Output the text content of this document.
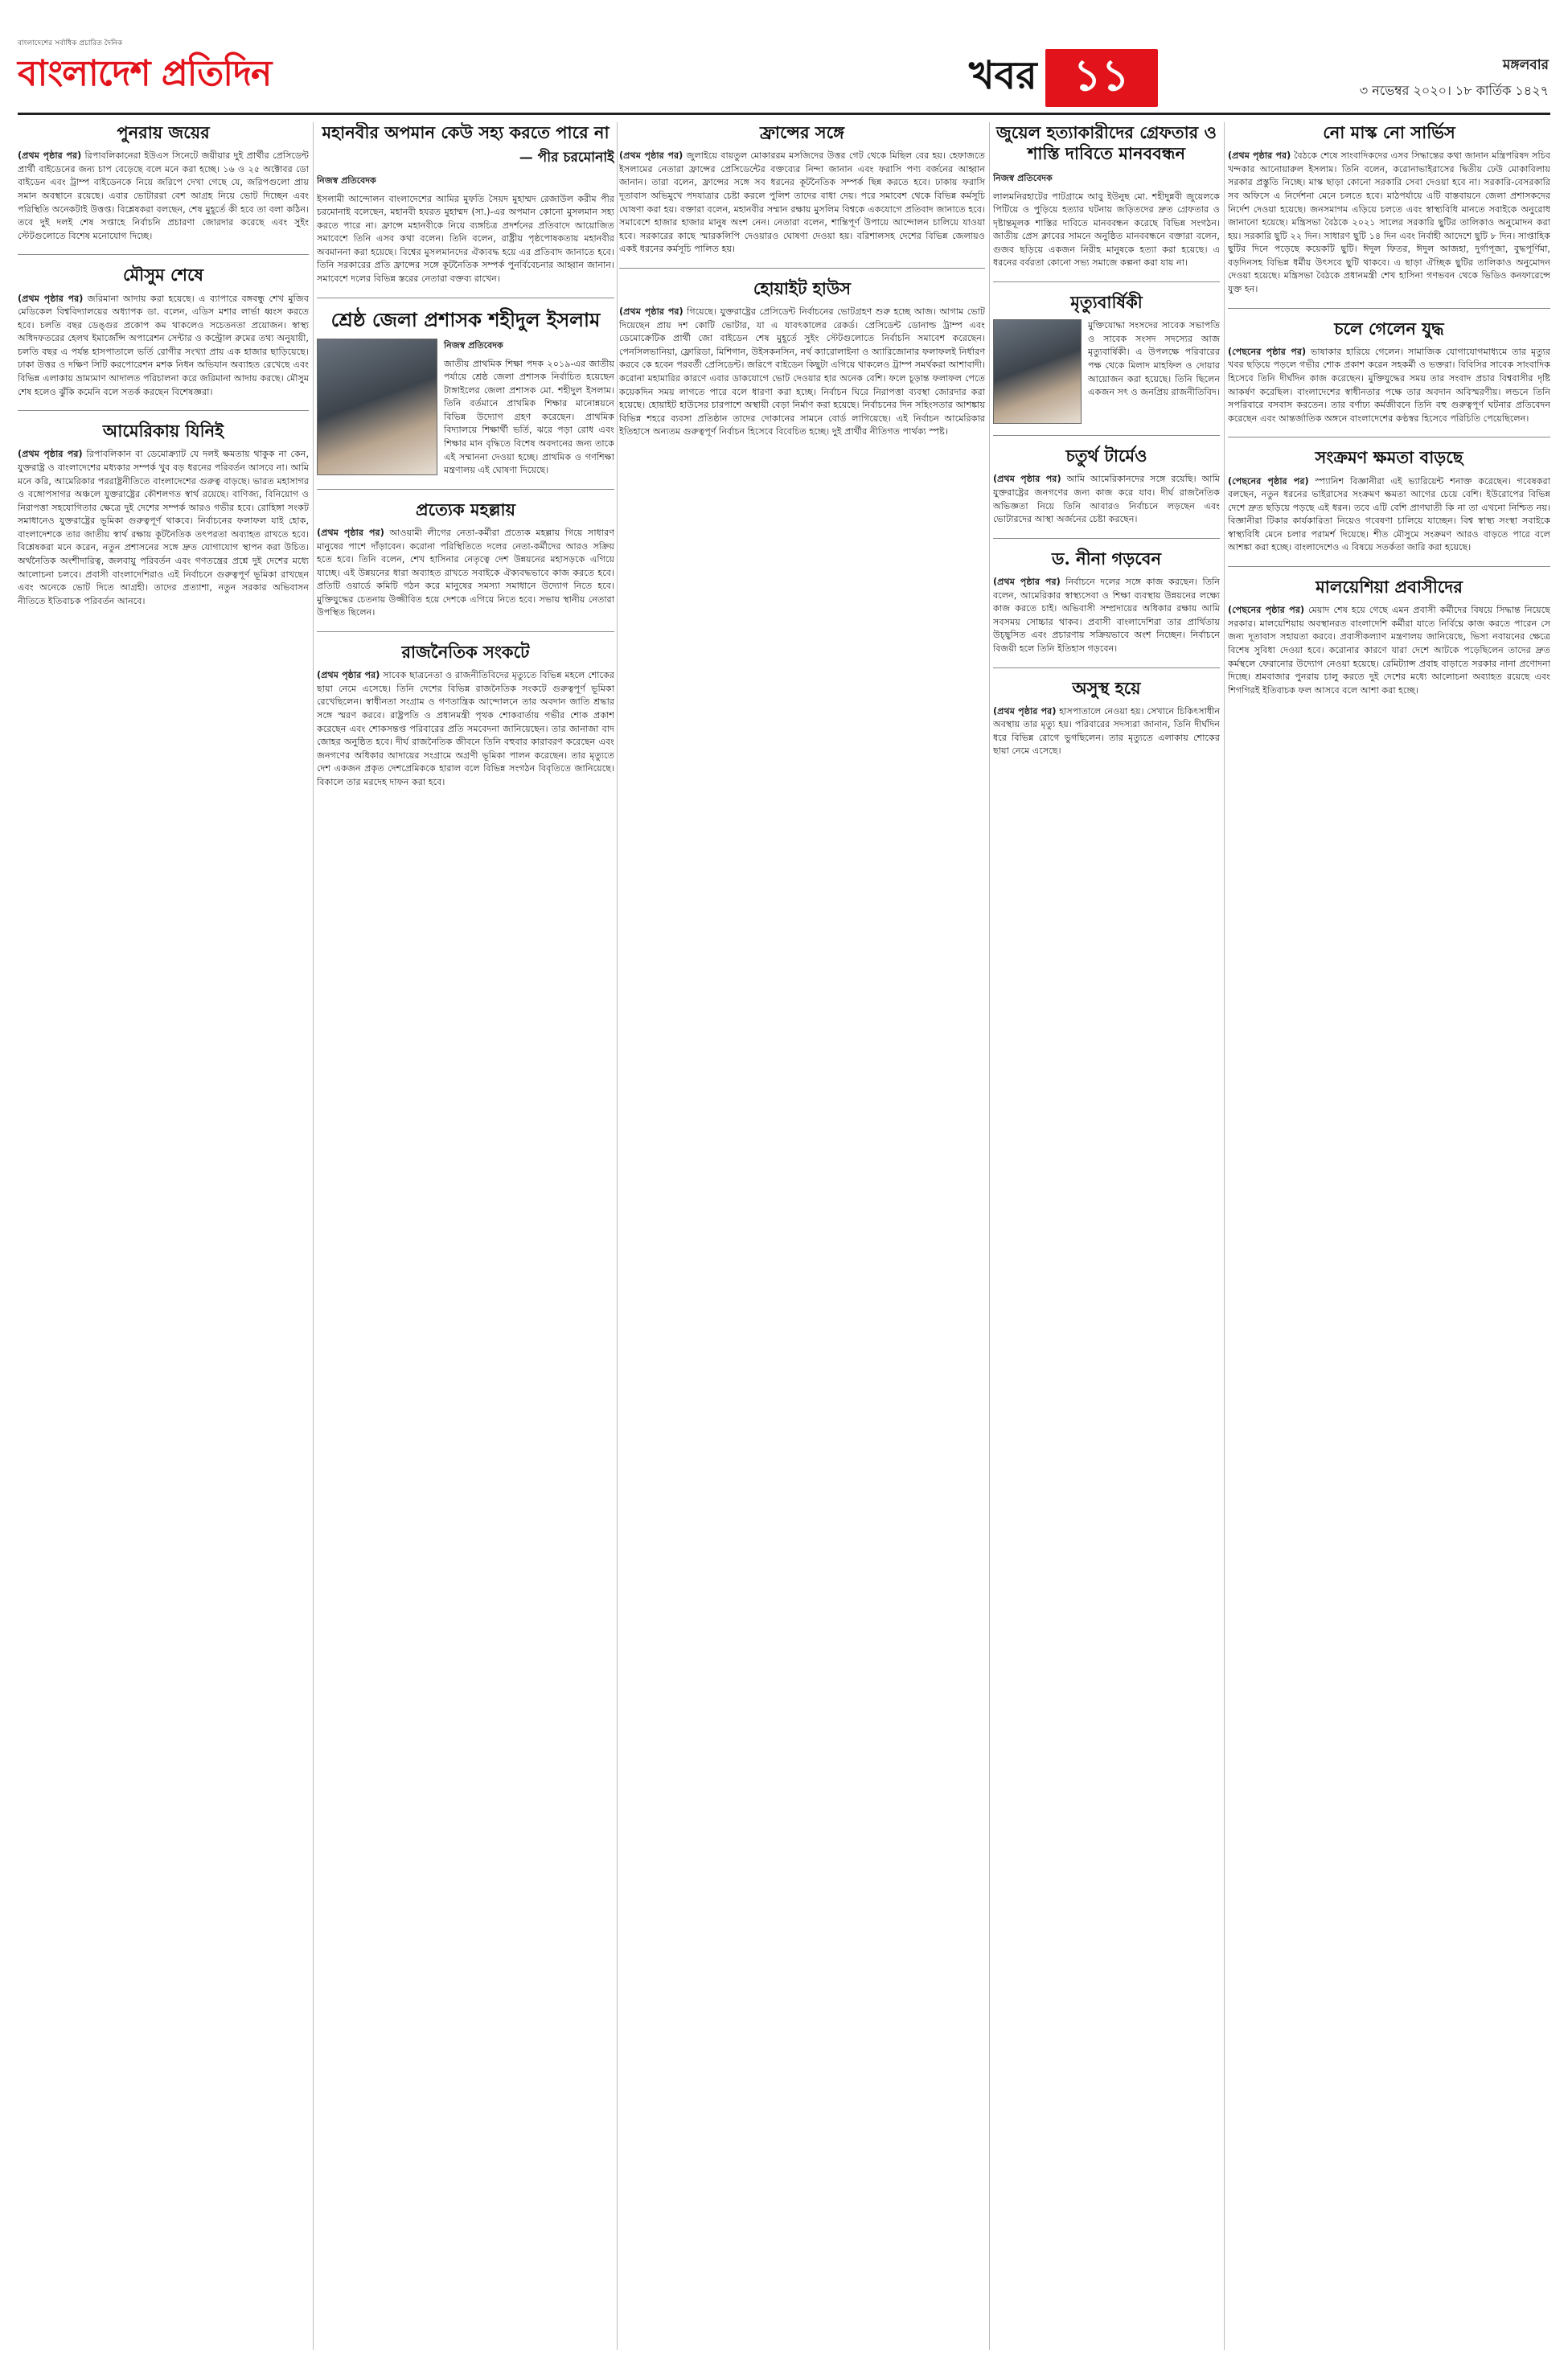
বাংলাদেশের সর্বাধিক প্রচারিত দৈনিক
বাংলাদেশ প্রতিদিন	খবর ১১	মঙ্গলবার
৩ নভেম্বর ২০২০। ১৮ কার্তিক ১৪২৭
পুনরায় জয়ের
(প্রথম পৃষ্ঠার পর) রিপাবলিকানেরা ইউএস সিনেটে জয়ীয়ার দুই প্রার্থীর প্রেসিডেন্ট প্রার্থী বাইডেনের জন্য চাপ বেড়েছে বলে মনে করা হচ্ছে। ১৬ ও ২৫ অক্টোবর ডো বাইডেন এবং ট্রাম্প বাইডেনকে নিয়ে জরিপে দেখা গেছে যে, জরিপগুলো প্রায় সমান অবস্থানে রয়েছে। এবার ভোটাররা বেশ আগ্রহ নিয়ে ভোট দিচ্ছেন এবং পরিস্থিতি অনেকটাই উত্তপ্ত। বিশ্লেষকরা বলছেন, শেষ মুহূর্তে কী হবে তা বলা কঠিন। তবে দুই দলই শেষ সপ্তাহে নির্বাচনি প্রচারণা জোরদার করেছে এবং সুইং স্টেটগুলোতে বিশেষ মনোযোগ দিচ্ছে।
মৌসুম শেষে
(প্রথম পৃষ্ঠার পর) জরিমানা আদায় করা হয়েছে। এ ব্যাপারে বঙ্গবন্ধু শেখ মুজিব মেডিকেল বিশ্ববিদ্যালয়ের অধ্যাপক ডা. বলেন, এডিস মশার লার্ভা ধ্বংস করতে হবে। চলতি বছর ডেঙ্গুর প্রকোপ কম থাকলেও সচেতনতা প্রয়োজন। স্বাস্থ্য অধিদফতরের হেলথ ইমার্জেন্সি অপারেশন সেন্টার ও কন্ট্রোল রুমের তথ্য অনুযায়ী, চলতি বছর এ পর্যন্ত হাসপাতালে ভর্তি রোগীর সংখ্যা প্রায় এক হাজার ছাড়িয়েছে। ঢাকা উত্তর ও দক্ষিণ সিটি করপোরেশন মশক নিধন অভিযান অব্যাহত রেখেছে এবং বিভিন্ন এলাকায় ভ্রাম্যমাণ আদালত পরিচালনা করে জরিমানা আদায় করছে। মৌসুম শেষ হলেও ঝুঁকি কমেনি বলে সতর্ক করছেন বিশেষজ্ঞরা।
আমেরিকায় যিনিই
(প্রথম পৃষ্ঠার পর) রিপাবলিকান বা ডেমোক্র্যাট যে দলই ক্ষমতায় থাকুক না কেন, যুক্তরাষ্ট্র ও বাংলাদেশের মধ্যকার সম্পর্ক খুব বড় ধরনের পরিবর্তন আসবে না। আমি মনে করি, আমেরিকার পররাষ্ট্রনীতিতে বাংলাদেশের গুরুত্ব বাড়ছে। ভারত মহাসাগর ও বঙ্গোপসাগর অঞ্চলে যুক্তরাষ্ট্রের কৌশলগত স্বার্থ রয়েছে। বাণিজ্য, বিনিয়োগ ও নিরাপত্তা সহযোগিতার ক্ষেত্রে দুই দেশের সম্পর্ক আরও গভীর হবে। রোহিঙ্গা সংকট সমাধানেও যুক্তরাষ্ট্রের ভূমিকা গুরুত্বপূর্ণ থাকবে। নির্বাচনের ফলাফল যাই হোক, বাংলাদেশকে তার জাতীয় স্বার্থ রক্ষায় কূটনৈতিক তৎপরতা অব্যাহত রাখতে হবে। বিশ্লেষকরা মনে করেন, নতুন প্রশাসনের সঙ্গে দ্রুত যোগাযোগ স্থাপন করা উচিত। অর্থনৈতিক অংশীদারিত্ব, জলবায়ু পরিবর্তন এবং গণতন্ত্রের প্রশ্নে দুই দেশের মধ্যে আলোচনা চলবে। প্রবাসী বাংলাদেশিরাও এই নির্বাচনে গুরুত্বপূর্ণ ভূমিকা রাখছেন এবং অনেকে ভোট দিতে আগ্রহী। তাদের প্রত্যাশা, নতুন সরকার অভিবাসন নীতিতে ইতিবাচক পরিবর্তন আনবে।
মহানবীর অপমান কেউ সহ্য করতে পারে না
— পীর চরমোনাই
নিজস্ব প্রতিবেদক
ইসলামী আন্দোলন বাংলাদেশের আমির মুফতি সৈয়দ মুহাম্মদ রেজাউল করীম পীর চরমোনাই বলেছেন, মহানবী হযরত মুহাম্মদ (সা.)-এর অপমান কোনো মুসলমান সহ্য করতে পারে না। ফ্রান্সে মহানবীকে নিয়ে ব্যঙ্গচিত্র প্রদর্শনের প্রতিবাদে আয়োজিত সমাবেশে তিনি এসব কথা বলেন। তিনি বলেন, রাষ্ট্রীয় পৃষ্ঠপোষকতায় মহানবীর অবমাননা করা হয়েছে। বিশ্বের মুসলমানদের ঐক্যবদ্ধ হয়ে এর প্রতিবাদ জানাতে হবে। তিনি সরকারের প্রতি ফ্রান্সের সঙ্গে কূটনৈতিক সম্পর্ক পুনর্বিবেচনার আহ্বান জানান। সমাবেশে দলের বিভিন্ন স্তরের নেতারা বক্তব্য রাখেন।
শ্রেষ্ঠ জেলা প্রশাসক শহীদুল ইসলাম
নিজস্ব প্রতিবেদক
জাতীয় প্রাথমিক শিক্ষা পদক ২০১৯-এর জাতীয় পর্যায়ে শ্রেষ্ঠ জেলা প্রশাসক নির্বাচিত হয়েছেন টাঙ্গাইলের জেলা প্রশাসক মো. শহীদুল ইসলাম। তিনি বর্তমানে প্রাথমিক শিক্ষার মানোন্নয়নে বিভিন্ন উদ্যোগ গ্রহণ করেছেন। প্রাথমিক বিদ্যালয়ে শিক্ষার্থী ভর্তি, ঝরে পড়া রোধ এবং শিক্ষার মান বৃদ্ধিতে বিশেষ অবদানের জন্য তাকে এই সম্মাননা দেওয়া হচ্ছে। প্রাথমিক ও গণশিক্ষা মন্ত্রণালয় এই ঘোষণা দিয়েছে।
প্রত্যেক মহল্লায়
(প্রথম পৃষ্ঠার পর) আওয়ামী লীগের নেতা-কর্মীরা প্রত্যেক মহল্লায় গিয়ে সাধারণ মানুষের পাশে দাঁড়াবেন। করোনা পরিস্থিতিতে দলের নেতা-কর্মীদের আরও সক্রিয় হতে হবে। তিনি বলেন, শেখ হাসিনার নেতৃত্বে দেশ উন্নয়নের মহাসড়কে এগিয়ে যাচ্ছে। এই উন্নয়নের ধারা অব্যাহত রাখতে সবাইকে ঐক্যবদ্ধভাবে কাজ করতে হবে। প্রতিটি ওয়ার্ডে কমিটি গঠন করে মানুষের সমস্যা সমাধানে উদ্যোগ নিতে হবে। মুক্তিযুদ্ধের চেতনায় উজ্জীবিত হয়ে দেশকে এগিয়ে নিতে হবে। সভায় স্থানীয় নেতারা উপস্থিত ছিলেন।
রাজনৈতিক সংকটে
(প্রথম পৃষ্ঠার পর) সাবেক ছাত্রনেতা ও রাজনীতিবিদের মৃত্যুতে বিভিন্ন মহলে শোকের ছায়া নেমে এসেছে। তিনি দেশের বিভিন্ন রাজনৈতিক সংকটে গুরুত্বপূর্ণ ভূমিকা রেখেছিলেন। স্বাধীনতা সংগ্রাম ও গণতান্ত্রিক আন্দোলনে তার অবদান জাতি শ্রদ্ধার সঙ্গে স্মরণ করবে। রাষ্ট্রপতি ও প্রধানমন্ত্রী পৃথক শোকবার্তায় গভীর শোক প্রকাশ করেছেন এবং শোকসন্তপ্ত পরিবারের প্রতি সমবেদনা জানিয়েছেন। তার জানাজা বাদ জোহর অনুষ্ঠিত হবে। দীর্ঘ রাজনৈতিক জীবনে তিনি বহুবার কারাবরণ করেছেন এবং জনগণের অধিকার আদায়ের সংগ্রামে অগ্রণী ভূমিকা পালন করেছেন। তার মৃত্যুতে দেশ একজন প্রকৃত দেশপ্রেমিককে হারাল বলে বিভিন্ন সংগঠন বিবৃতিতে জানিয়েছে। বিকালে তার মরদেহ দাফন করা হবে।
ফ্রান্সের সঙ্গে
(প্রথম পৃষ্ঠার পর) জুলাইয়ে বায়তুল মোকাররম মসজিদের উত্তর গেট থেকে মিছিল বের হয়। হেফাজতে ইসলামের নেতারা ফ্রান্সের প্রেসিডেন্টের বক্তব্যের নিন্দা জানান এবং ফরাসি পণ্য বর্জনের আহ্বান জানান। তারা বলেন, ফ্রান্সের সঙ্গে সব ধরনের কূটনৈতিক সম্পর্ক ছিন্ন করতে হবে। ঢাকায় ফরাসি দূতাবাস অভিমুখে পদযাত্রার চেষ্টা করলে পুলিশ তাদের বাধা দেয়। পরে সমাবেশ থেকে বিভিন্ন কর্মসূচি ঘোষণা করা হয়। বক্তারা বলেন, মহানবীর সম্মান রক্ষায় মুসলিম বিশ্বকে একযোগে প্রতিবাদ জানাতে হবে। সমাবেশে হাজার হাজার মানুষ অংশ নেন। নেতারা বলেন, শান্তিপূর্ণ উপায়ে আন্দোলন চালিয়ে যাওয়া হবে। সরকারের কাছে স্মারকলিপি দেওয়ারও ঘোষণা দেওয়া হয়। বরিশালসহ দেশের বিভিন্ন জেলায়ও একই ধরনের কর্মসূচি পালিত হয়।
হোয়াইট হাউস
(প্রথম পৃষ্ঠার পর) গিয়েছে। যুক্তরাষ্ট্রের প্রেসিডেন্ট নির্বাচনের ভোটগ্রহণ শুরু হচ্ছে আজ। আগাম ভোট দিয়েছেন প্রায় দশ কোটি ভোটার, যা এ যাবৎকালের রেকর্ড। প্রেসিডেন্ট ডোনাল্ড ট্রাম্প এবং ডেমোক্রেটিক প্রার্থী জো বাইডেন শেষ মুহূর্তে সুইং স্টেটগুলোতে নির্বাচনি সমাবেশ করেছেন। পেনসিলভানিয়া, ফ্লোরিডা, মিশিগান, উইসকনসিন, নর্থ ক্যারোলাইনা ও অ্যারিজোনার ফলাফলই নির্ধারণ করবে কে হবেন পরবর্তী প্রেসিডেন্ট। জরিপে বাইডেন কিছুটা এগিয়ে থাকলেও ট্রাম্প সমর্থকরা আশাবাদী। করোনা মহামারির কারণে এবার ডাকযোগে ভোট দেওয়ার হার অনেক বেশি। ফলে চূড়ান্ত ফলাফল পেতে কয়েকদিন সময় লাগতে পারে বলে ধারণা করা হচ্ছে। নির্বাচন ঘিরে নিরাপত্তা ব্যবস্থা জোরদার করা হয়েছে। হোয়াইট হাউসের চারপাশে অস্থায়ী বেড়া নির্মাণ করা হয়েছে। নির্বাচনের দিন সহিংসতার আশঙ্কায় বিভিন্ন শহরে ব্যবসা প্রতিষ্ঠান তাদের দোকানের সামনে বোর্ড লাগিয়েছে। এই নির্বাচন আমেরিকার ইতিহাসে অন্যতম গুরুত্বপূর্ণ নির্বাচন হিসেবে বিবেচিত হচ্ছে। দুই প্রার্থীর নীতিগত পার্থক্য স্পষ্ট।
জুয়েল হত্যাকারীদের গ্রেফতার ও শাস্তি দাবিতে মানববন্ধন
নিজস্ব প্রতিবেদক
লালমনিরহাটের পাটগ্রামে আবু ইউনুছ মো. শহীদুন্নবী জুয়েলকে পিটিয়ে ও পুড়িয়ে হত্যার ঘটনায় জড়িতদের দ্রুত গ্রেফতার ও দৃষ্টান্তমূলক শাস্তির দাবিতে মানববন্ধন করেছে বিভিন্ন সংগঠন। জাতীয় প্রেস ক্লাবের সামনে অনুষ্ঠিত মানববন্ধনে বক্তারা বলেন, গুজব ছড়িয়ে একজন নিরীহ মানুষকে হত্যা করা হয়েছে। এ ধরনের বর্বরতা কোনো সভ্য সমাজে কল্পনা করা যায় না।
মৃত্যুবার্ষিকী
মুক্তিযোদ্ধা সংসদের সাবেক সভাপতি ও সাবেক সংসদ সদস্যের আজ মৃত্যুবার্ষিকী। এ উপলক্ষে পরিবারের পক্ষ থেকে মিলাদ মাহফিল ও দোয়ার আয়োজন করা হয়েছে। তিনি ছিলেন একজন সৎ ও জনপ্রিয় রাজনীতিবিদ।
চতুর্থ টার্মেও
(প্রথম পৃষ্ঠার পর) আমি আমেরিকানদের সঙ্গে রয়েছি। আমি যুক্তরাষ্ট্রের জনগণের জন্য কাজ করে যাব। দীর্ঘ রাজনৈতিক অভিজ্ঞতা নিয়ে তিনি আবারও নির্বাচনে লড়ছেন এবং ভোটারদের আস্থা অর্জনের চেষ্টা করছেন।
ড. নীনা গড়বেন
(প্রথম পৃষ্ঠার পর) নির্বাচনে দলের সঙ্গে কাজ করছেন। তিনি বলেন, আমেরিকার স্বাস্থ্যসেবা ও শিক্ষা ব্যবস্থায় উন্নয়নের লক্ষ্যে কাজ করতে চাই। অভিবাসী সম্প্রদায়ের অধিকার রক্ষায় আমি সবসময় সোচ্চার থাকব। প্রবাসী বাংলাদেশিরা তার প্রার্থিতায় উচ্ছ্বসিত এবং প্রচারণায় সক্রিয়ভাবে অংশ নিচ্ছেন। নির্বাচনে বিজয়ী হলে তিনি ইতিহাস গড়বেন।
অসুস্থ হয়ে
(প্রথম পৃষ্ঠার পর) হাসপাতালে নেওয়া হয়। সেখানে চিকিৎসাধীন অবস্থায় তার মৃত্যু হয়। পরিবারের সদস্যরা জানান, তিনি দীর্ঘদিন ধরে বিভিন্ন রোগে ভুগছিলেন। তার মৃত্যুতে এলাকায় শোকের ছায়া নেমে এসেছে।
নো মাস্ক নো সার্ভিস
(প্রথম পৃষ্ঠার পর) বৈঠকে শেষে সাংবাদিকদের এসব সিদ্ধান্তের কথা জানান মন্ত্রিপরিষদ সচিব খন্দকার আনোয়ারুল ইসলাম। তিনি বলেন, করোনাভাইরাসের দ্বিতীয় ঢেউ মোকাবিলায় সরকার প্রস্তুতি নিচ্ছে। মাস্ক ছাড়া কোনো সরকারি সেবা দেওয়া হবে না। সরকারি-বেসরকারি সব অফিসে এ নির্দেশনা মেনে চলতে হবে। মাঠপর্যায়ে এটি বাস্তবায়নে জেলা প্রশাসকদের নির্দেশ দেওয়া হয়েছে। জনসমাগম এড়িয়ে চলতে এবং স্বাস্থ্যবিধি মানতে সবাইকে অনুরোধ জানানো হয়েছে। মন্ত্রিসভা বৈঠকে ২০২১ সালের সরকারি ছুটির তালিকাও অনুমোদন করা হয়। সরকারি ছুটি ২২ দিন। সাধারণ ছুটি ১৪ দিন এবং নির্বাহী আদেশে ছুটি ৮ দিন। সাপ্তাহিক ছুটির দিনে পড়েছে কয়েকটি ছুটি। ঈদুল ফিতর, ঈদুল আজহা, দুর্গাপূজা, বুদ্ধপূর্ণিমা, বড়দিনসহ বিভিন্ন ধর্মীয় উৎসবে ছুটি থাকবে। এ ছাড়া ঐচ্ছিক ছুটির তালিকাও অনুমোদন দেওয়া হয়েছে। মন্ত্রিসভা বৈঠকে প্রধানমন্ত্রী শেখ হাসিনা গণভবন থেকে ভিডিও কনফারেন্সে যুক্ত হন।
চলে গেলেন যুদ্ধ
(পেছনের পৃষ্ঠার পর) ভাষাকার হারিয়ে গেলেন। সামাজিক যোগাযোগমাধ্যমে তার মৃত্যুর খবর ছড়িয়ে পড়লে গভীর শোক প্রকাশ করেন সহকর্মী ও ভক্তরা। বিবিসির সাবেক সাংবাদিক হিসেবে তিনি দীর্ঘদিন কাজ করেছেন। মুক্তিযুদ্ধের সময় তার সংবাদ প্রচার বিশ্ববাসীর দৃষ্টি আকর্ষণ করেছিল। বাংলাদেশের স্বাধীনতার পক্ষে তার অবদান অবিস্মরণীয়। লন্ডনে তিনি সপরিবারে বসবাস করতেন। তার বর্ণাঢ্য কর্মজীবনে তিনি বহু গুরুত্বপূর্ণ ঘটনার প্রতিবেদন করেছেন এবং আন্তর্জাতিক অঙ্গনে বাংলাদেশের কণ্ঠস্বর হিসেবে পরিচিতি পেয়েছিলেন।
সংক্রমণ ক্ষমতা বাড়ছে
(পেছনের পৃষ্ঠার পর) স্প্যানিশ বিজ্ঞানীরা এই ভ্যারিয়েন্ট শনাক্ত করেছেন। গবেষকরা বলছেন, নতুন ধরনের ভাইরাসের সংক্রমণ ক্ষমতা আগের চেয়ে বেশি। ইউরোপের বিভিন্ন দেশে দ্রুত ছড়িয়ে পড়ছে এই ধরন। তবে এটি বেশি প্রাণঘাতী কি না তা এখনো নিশ্চিত নয়। বিজ্ঞানীরা টিকার কার্যকারিতা নিয়েও গবেষণা চালিয়ে যাচ্ছেন। বিশ্ব স্বাস্থ্য সংস্থা সবাইকে স্বাস্থ্যবিধি মেনে চলার পরামর্শ দিয়েছে। শীত মৌসুমে সংক্রমণ আরও বাড়তে পারে বলে আশঙ্কা করা হচ্ছে। বাংলাদেশেও এ বিষয়ে সতর্কতা জারি করা হয়েছে।
মালয়েশিয়া প্রবাসীদের
(পেছনের পৃষ্ঠার পর) মেয়াদ শেষ হয়ে গেছে এমন প্রবাসী কর্মীদের বিষয়ে সিদ্ধান্ত নিয়েছে সরকার। মালয়েশিয়ায় অবস্থানরত বাংলাদেশি কর্মীরা যাতে নির্বিঘ্নে কাজ করতে পারেন সে জন্য দূতাবাস সহায়তা করবে। প্রবাসীকল্যাণ মন্ত্রণালয় জানিয়েছে, ভিসা নবায়নের ক্ষেত্রে বিশেষ সুবিধা দেওয়া হবে। করোনার কারণে যারা দেশে আটকে পড়েছিলেন তাদের দ্রুত কর্মস্থলে ফেরানোর উদ্যোগ নেওয়া হয়েছে। রেমিট্যান্স প্রবাহ বাড়াতে সরকার নানা প্রণোদনা দিচ্ছে। শ্রমবাজার পুনরায় চালু করতে দুই দেশের মধ্যে আলোচনা অব্যাহত রয়েছে এবং শিগগিরই ইতিবাচক ফল আসবে বলে আশা করা হচ্ছে।
